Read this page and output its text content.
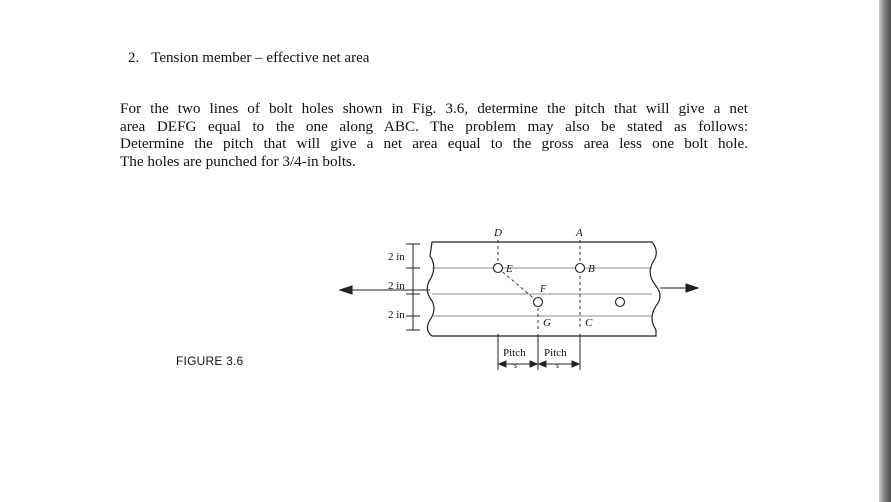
2. Tension member – effective net area
For the two lines of bolt holes shown in Fig. 3.6, determine the pitch that will give a net
area DEFG equal to the one along ABC. The problem may also be stated as follows:
Determine the pitch that will give a net area equal to the gross area less one bolt hole.
The holes are punched for 3/4-in bolts.
FIGURE 3.6
2 in
2 in
2 in
D	A
E	B
F
G	C
Pitch Pitch
s	s
